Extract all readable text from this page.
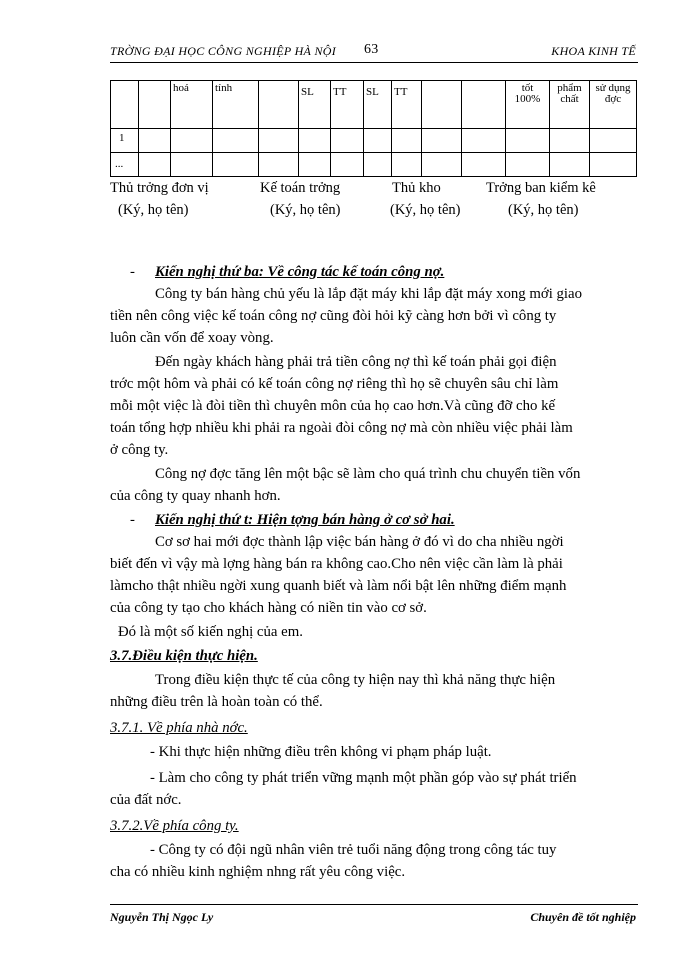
TRỜNG ĐẠI HỌC CÔNG NGHIỆP HÀ NỘI 63	KHOA KINH TẾ
		hoá	tính		SL	TT	SL	TT			tốt 100%	phẩm chất	sử dụng đợc
1													
...													
Thủ trởng đơn vị	Kế toán trởng	Thủ kho	Trởng ban kiểm kê
(Ký, họ tên)	(Ký, họ tên)	(Ký, họ tên)	(Ký, họ tên)
- Kiến nghị thứ ba: Về công tác kế toán công nợ.
Công ty bán hàng chủ yếu là lắp đặt máy khi lắp đặt máy xong mới giao
tiền nên công việc kế toán công nợ cũng đòi hỏi kỹ càng hơn bởi vì công ty
luôn cần vốn để xoay vòng.
Đến ngày khách hàng phải trả tiền công nợ thì kế toán phải gọi điện
trớc một hôm và phải có kế toán công nợ riêng thì họ sẽ chuyên sâu chỉ làm
mỗi một việc là đòi tiền thì chuyên môn của họ cao hơn.Và cũng đỡ cho kế
toán tổng hợp nhiều khi phải ra ngoài đòi công nợ mà còn nhiều việc phải làm
ở công ty.
Công nợ đợc tăng lên một bậc sẽ làm cho quá trình chu chuyển tiền vốn
của công ty quay nhanh hơn.
- Kiến nghị thứ t: Hiện tợng bán hàng ở cơ sở hai.
Cơ sơ hai mới đợc thành lập việc bán hàng ở đó vì do cha nhiều ngời
biết đến vì vậy mà lợng hàng bán ra không cao.Cho nên việc cần làm là phải
làmcho thật nhiều ngời xung quanh biết và làm nổi bật lên những điểm mạnh
của công ty tạo cho khách hàng có niền tin vào cơ sở.
Đó là một số kiến nghị của em.
3.7.Điều kiện thực hiện.
Trong điều kiện thực tế của công ty hiện nay thì khả năng thực hiện
những điều trên là hoàn toàn có thể.
3.7.1. Về phía nhà nớc.
- Khi thực hiện những điều trên không vi phạm pháp luật.
- Làm cho công ty phát triển vững mạnh một phần góp vào sự phát triển
của đất nớc.
3.7.2.Về phía công ty.
- Công ty có đội ngũ nhân viên trẻ tuổi năng động trong công tác tuy
cha có nhiều kinh nghiệm nhng rất yêu công việc.
Nguyễn Thị Ngọc Ly	Chuyên đề tốt nghiệp
